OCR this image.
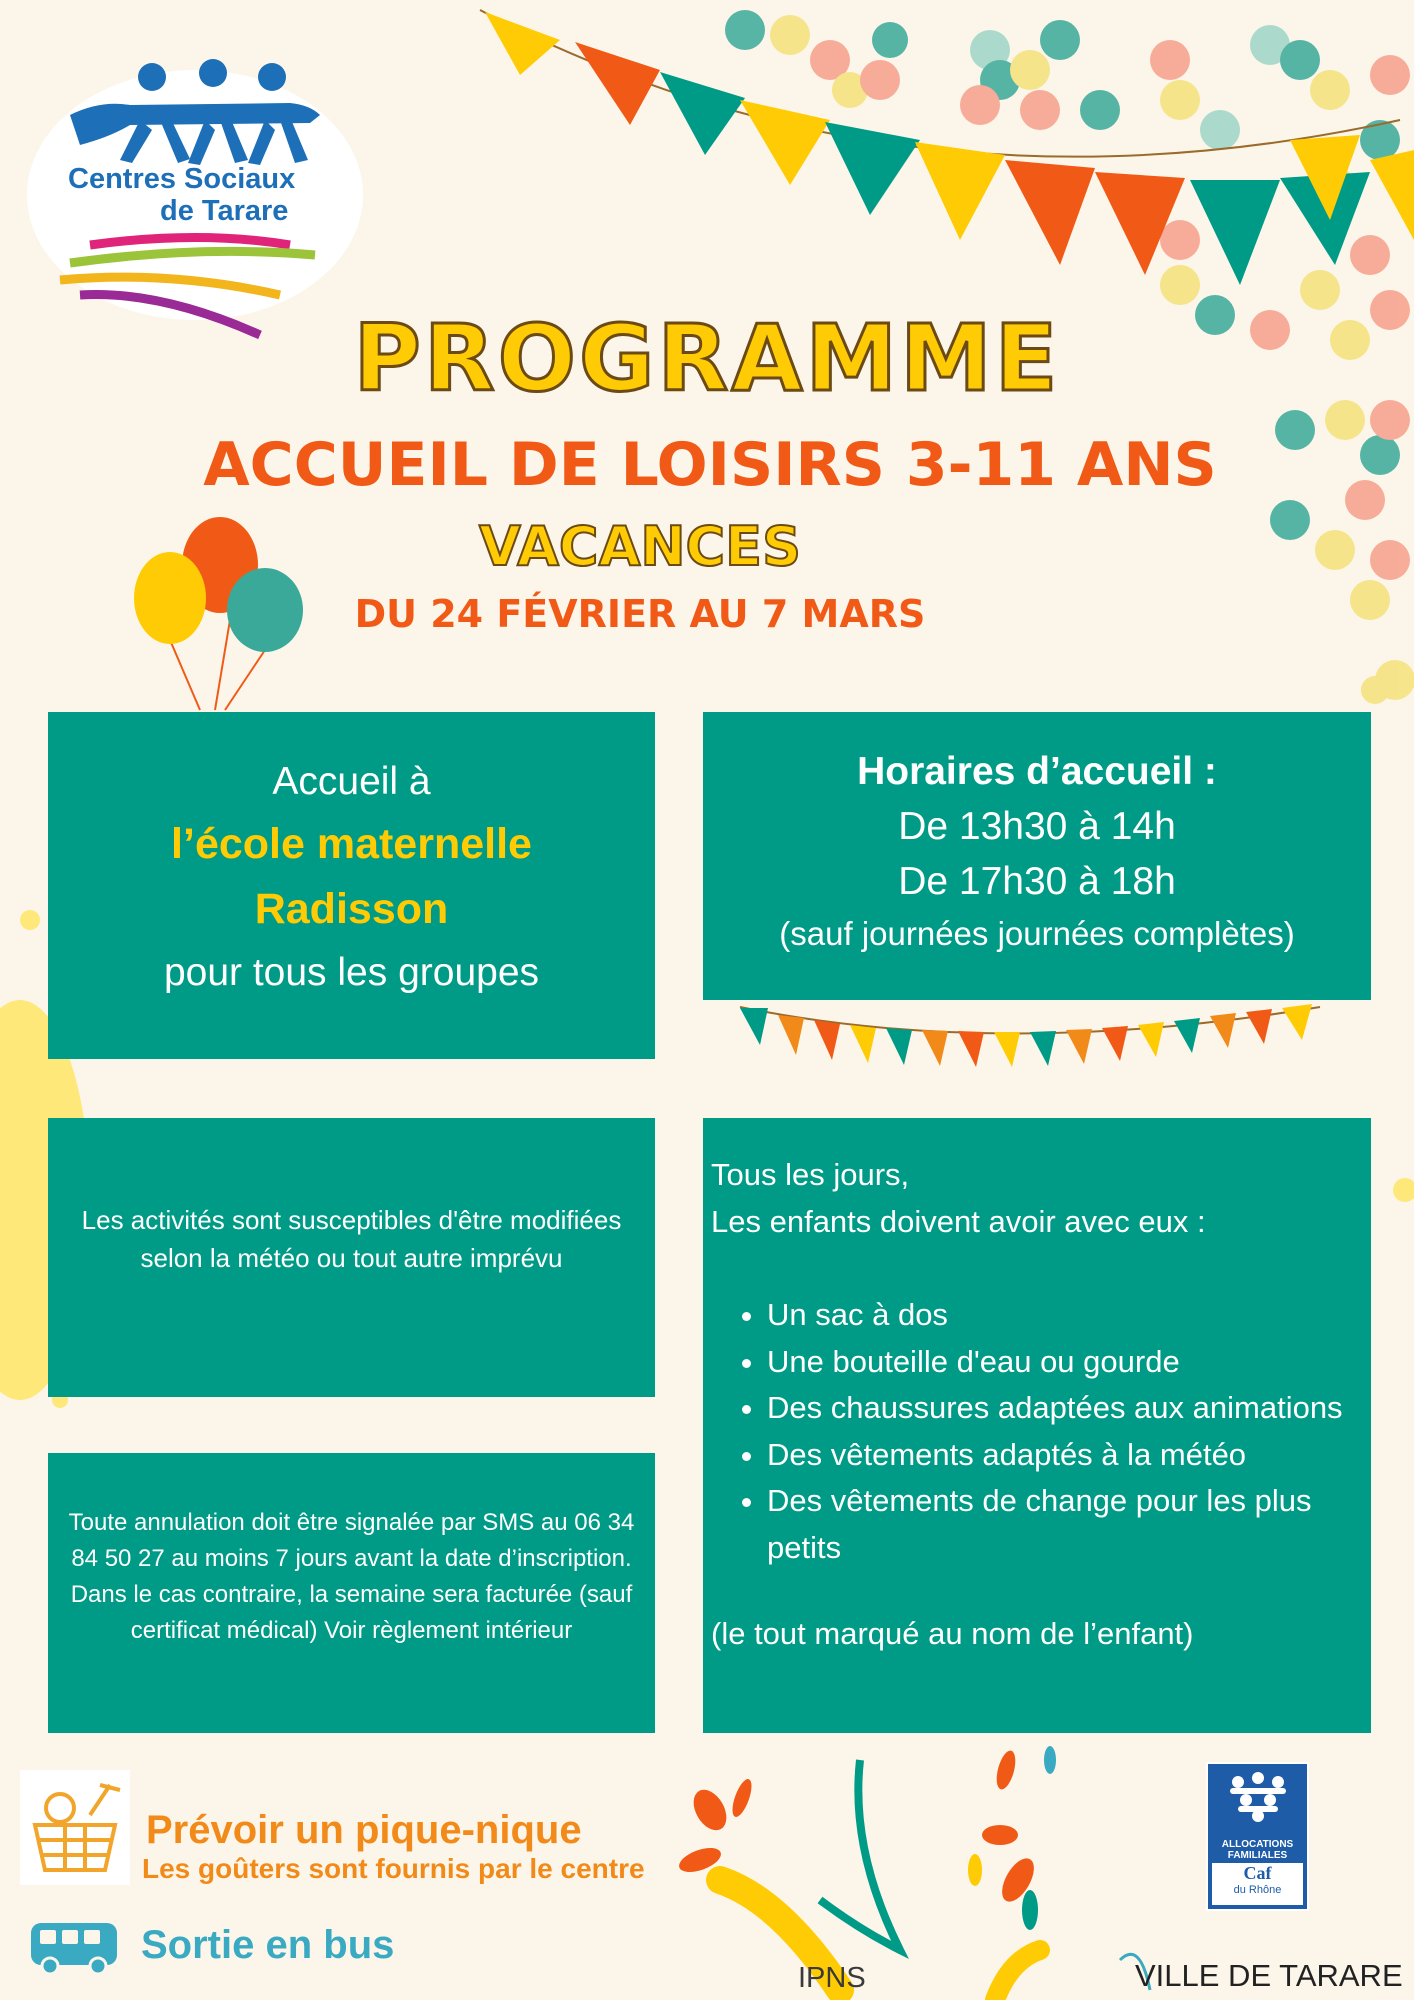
Centres Sociaux
de Tarare
PROGRAMME
ACCUEIL DE LOISIRS 3-11 ANS
VACANCES
DU 24 FÉVRIER AU 7 MARS
Accueil à
l’école maternelle
Radisson
pour tous les groupes
Horaires d’accueil :
De 13h30 à 14h
De 17h30 à 18h
(sauf journées journées complètes)
Les activités sont susceptibles d'être modifiées selon la météo ou tout autre imprévu
Toute annulation doit être signalée par SMS au 06 34 84 50 27 au moins 7 jours avant la date d’inscription. Dans le cas contraire, la semaine sera facturée (sauf certificat médical) Voir règlement intérieur
Tous les jours,
Les enfants doivent avoir avec eux :
• Un sac à dos
• Une bouteille d'eau ou gourde
• Des chaussures adaptées aux animations
• Des vêtements adaptés à la météo
• Des vêtements de change pour les plus petits
(le tout marqué au nom de l’enfant)
Prévoir un pique-nique
Les goûters sont fournis par le centre
Sortie en bus
IPNS	VILLE DE TARARE
ALLOCATIONS
FAMILIALES
Caf
du Rhône
